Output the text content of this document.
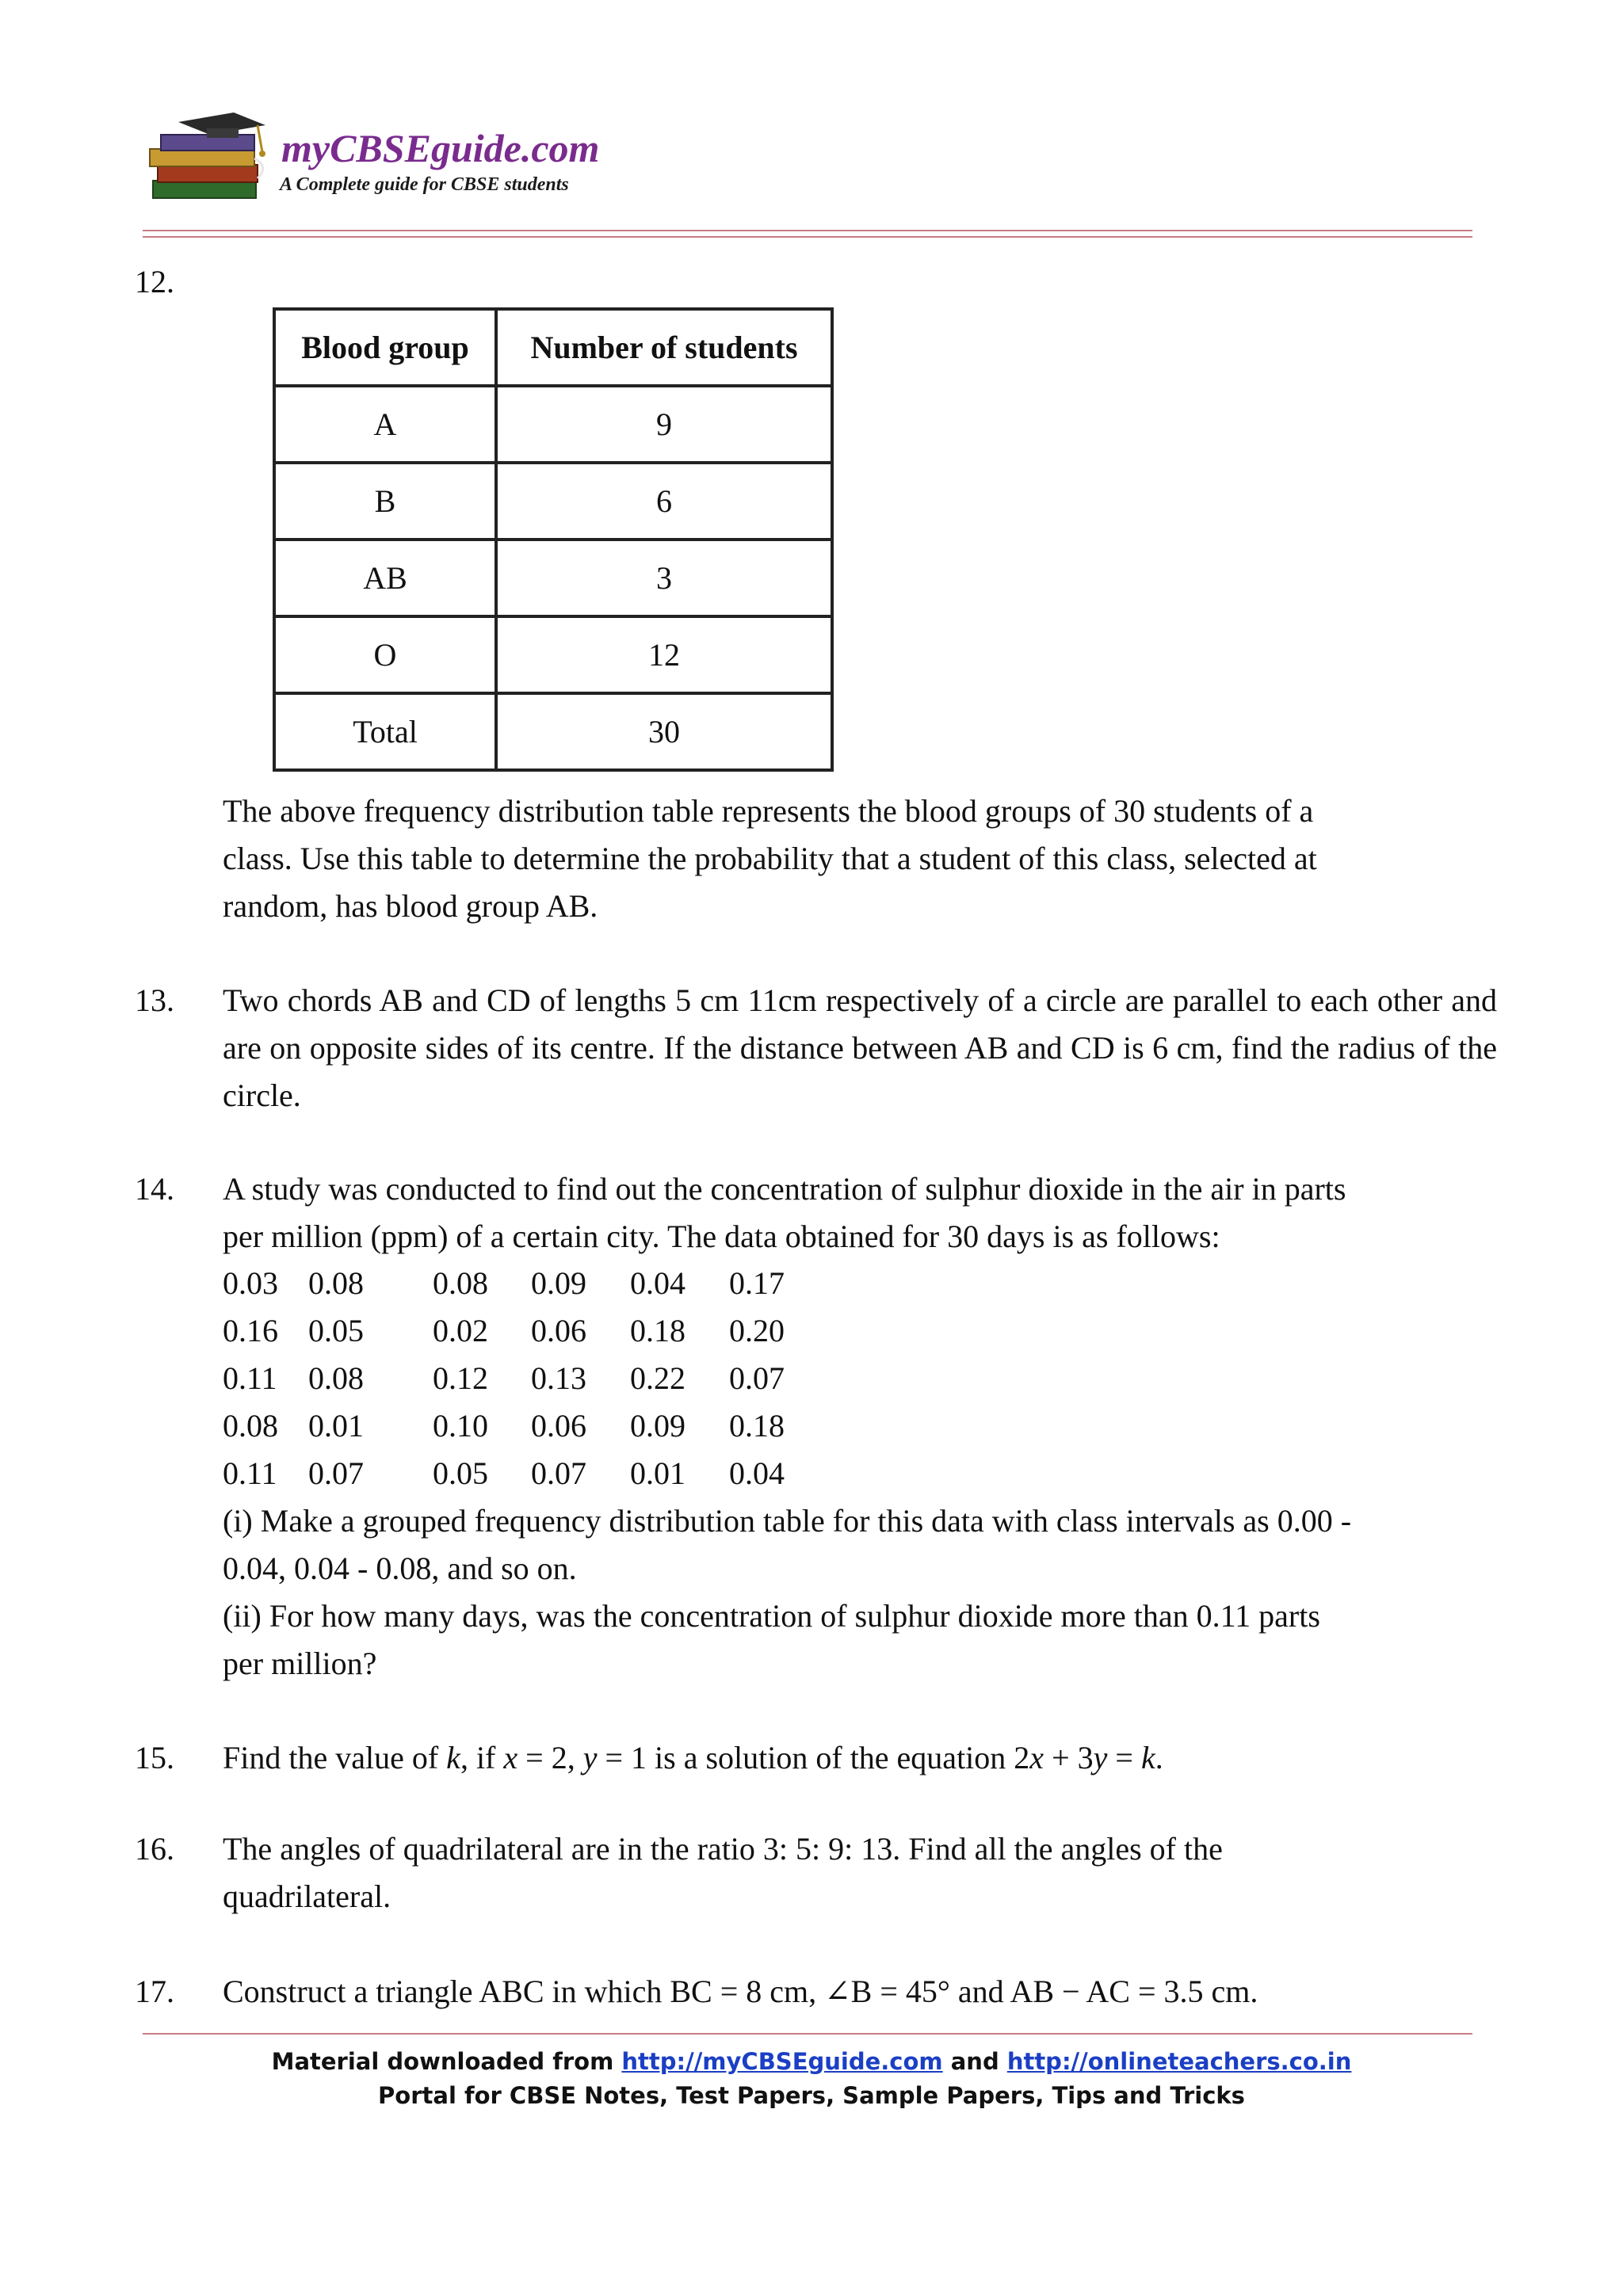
myCBSEguide.com
A Complete guide for CBSE students
12.
Blood group	Number of students
A	9
B	6
AB	3
O	12
Total	30
The above frequency distribution table represents the blood groups of 30 students of a
class. Use this table to determine the probability that a student of this class, selected at
random, has blood group AB.
13. Two chords AB and CD of lengths 5 cm 11cm respectively of a circle are parallel to each other and are on opposite sides of its centre. If the distance between AB and CD is 6 cm, find the radius of the circle.

14. A study was conducted to find out the concentration of sulphur dioxide in the air in parts
per million (ppm) of a certain city. The data obtained for 30 days is as follows:
0.03 0.08 0.08 0.09 0.04 0.17
0.16 0.05 0.02 0.06 0.18 0.20
0.11 0.08 0.12 0.13 0.22 0.07
0.08 0.01 0.10 0.06 0.09 0.18
0.11 0.07 0.05 0.07 0.01 0.04
(i) Make a grouped frequency distribution table for this data with class intervals as 0.00 -
0.04, 0.04 - 0.08, and so on.
(ii) For how many days, was the concentration of sulphur dioxide more than 0.11 parts
per million?
15. Find the value of k, if x = 2, y = 1 is a solution of the equation 2x + 3y = k.
16. The angles of quadrilateral are in the ratio 3: 5: 9: 13. Find all the angles of the
quadrilateral.
17. Construct a triangle ABC in which BC = 8 cm, ∠B = 45° and AB − AC = 3.5 cm.
Material downloaded from http://myCBSEguide.com and http://onlineteachers.co.in
Portal for CBSE Notes, Test Papers, Sample Papers, Tips and Tricks
